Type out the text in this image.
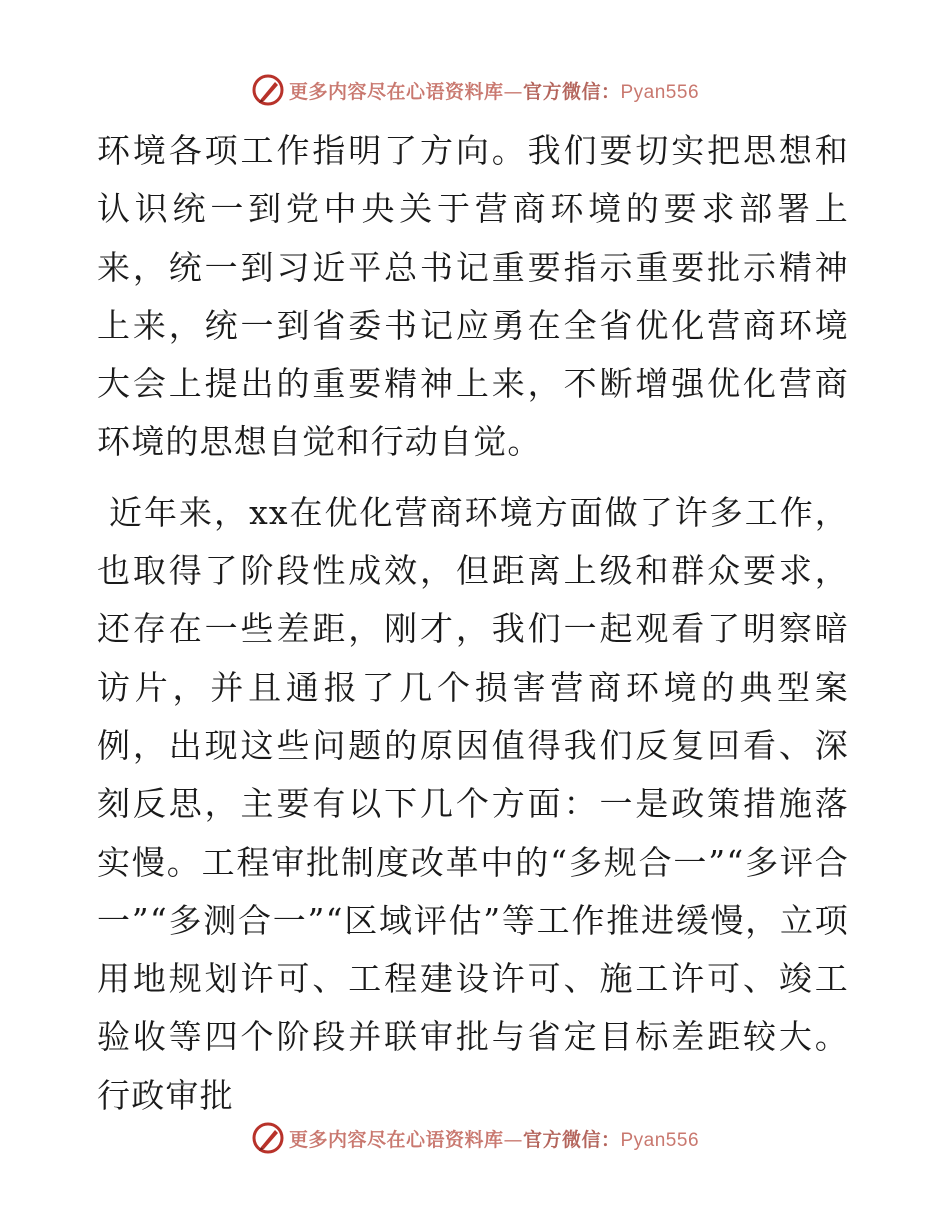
更多内容尽在心语资料库—官方微信：Pyan556

环境各项工作指明了方向。我们要切实把思想和认识统一到党中央关于营商环境的要求部署上来，统一到习近平总书记重要指示重要批示精神上来，统一到省委书记应勇在全省优化营商环境大会上提出的重要精神上来，不断增强优化营商环境的思想自觉和行动自觉。

近年来，xx在优化营商环境方面做了许多工作，也取得了阶段性成效，但距离上级和群众要求，还存在一些差距，刚才，我们一起观看了明察暗访片，并且通报了几个损害营商环境的典型案例，出现这些问题的原因值得我们反复回看、深刻反思，主要有以下几个方面：一是政策措施落实慢。工程审批制度改革中的“多规合一”“多评合一”“多测合一”“区域评估”等工作推进缓慢，立项用地规划许可、工程建设许可、施工许可、竣工验收等四个阶段并联审批与省定目标差距较大。行政审批

更多内容尽在心语资料库—官方微信：Pyan556
